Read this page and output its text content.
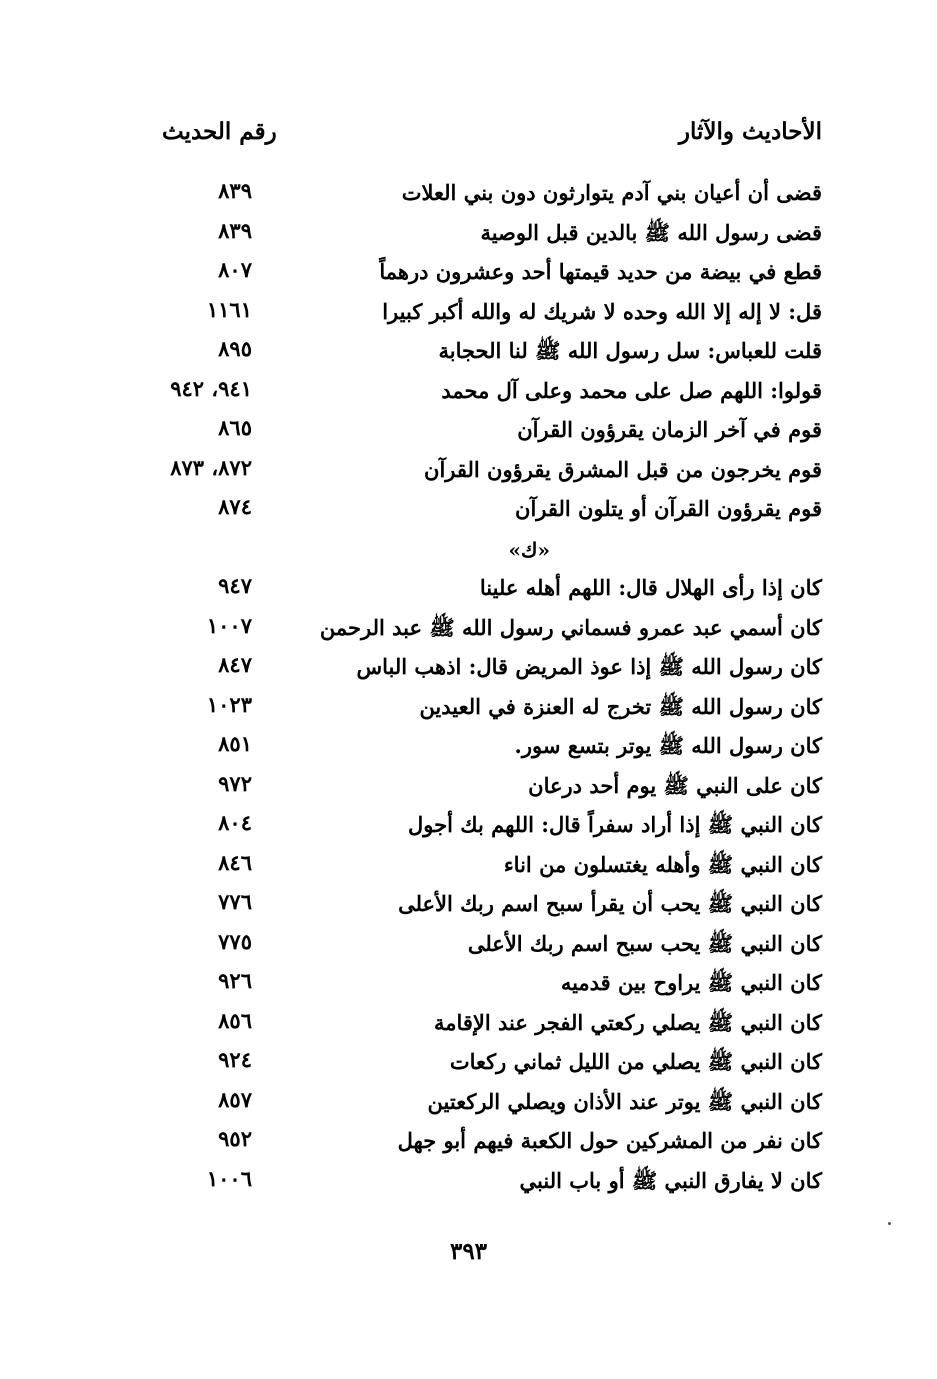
الأحاديث والآثار
رقم الحديث
قضى أن أعيان بني آدم يتوارثون دون بني العلات
٨٣٩
قضى رسول الله ﷺ بالدين قبل الوصية
٨٣٩
قطع في بيضة من حديد قيمتها أحد وعشرون درهماً
٨٠٧
قل: لا إله إلا الله وحده لا شريك له والله أكبر كبيرا
١١٦١
قلت للعباس: سل رسول الله ﷺ لنا الحجابة
٨٩٥
قولوا: اللهم صل على محمد وعلى آل محمد
٩٤١، ٩٤٢
قوم في آخر الزمان يقرؤون القرآن
٨٦٥
قوم يخرجون من قبل المشرق يقرؤون القرآن
٨٧٢، ٨٧٣
قوم يقرؤون القرآن أو يتلون القرآن
٨٧٤
«ك»
كان إذا رأى الهلال قال: اللهم أهله علينا
٩٤٧
كان أسمي عبد عمرو فسماني رسول الله ﷺ عبد الرحمن
١٠٠٧
كان رسول الله ﷺ إذا عوذ المريض قال: اذهب الباس
٨٤٧
كان رسول الله ﷺ تخرج له العنزة في العيدين
١٠٢٣
كان رسول الله ﷺ يوتر بتسع سور.
٨٥١
كان على النبي ﷺ يوم أحد درعان
٩٧٢
كان النبي ﷺ إذا أراد سفراً قال: اللهم بك أجول
٨٠٤
كان النبي ﷺ وأهله يغتسلون من اناء
٨٤٦
كان النبي ﷺ يحب أن يقرأ سبح اسم ربك الأعلى
٧٧٦
كان النبي ﷺ يحب سبح اسم ربك الأعلى
٧٧٥
كان النبي ﷺ يراوح بين قدميه
٩٢٦
كان النبي ﷺ يصلي ركعتي الفجر عند الإقامة
٨٥٦
كان النبي ﷺ يصلي من الليل ثماني ركعات
٩٢٤
كان النبي ﷺ يوتر عند الأذان ويصلي الركعتين
٨٥٧
كان نفر من المشركين حول الكعبة فيهم أبو جهل
٩٥٢
كان لا يفارق النبي ﷺ أو باب النبي
١٠٠٦
٣٩٣
